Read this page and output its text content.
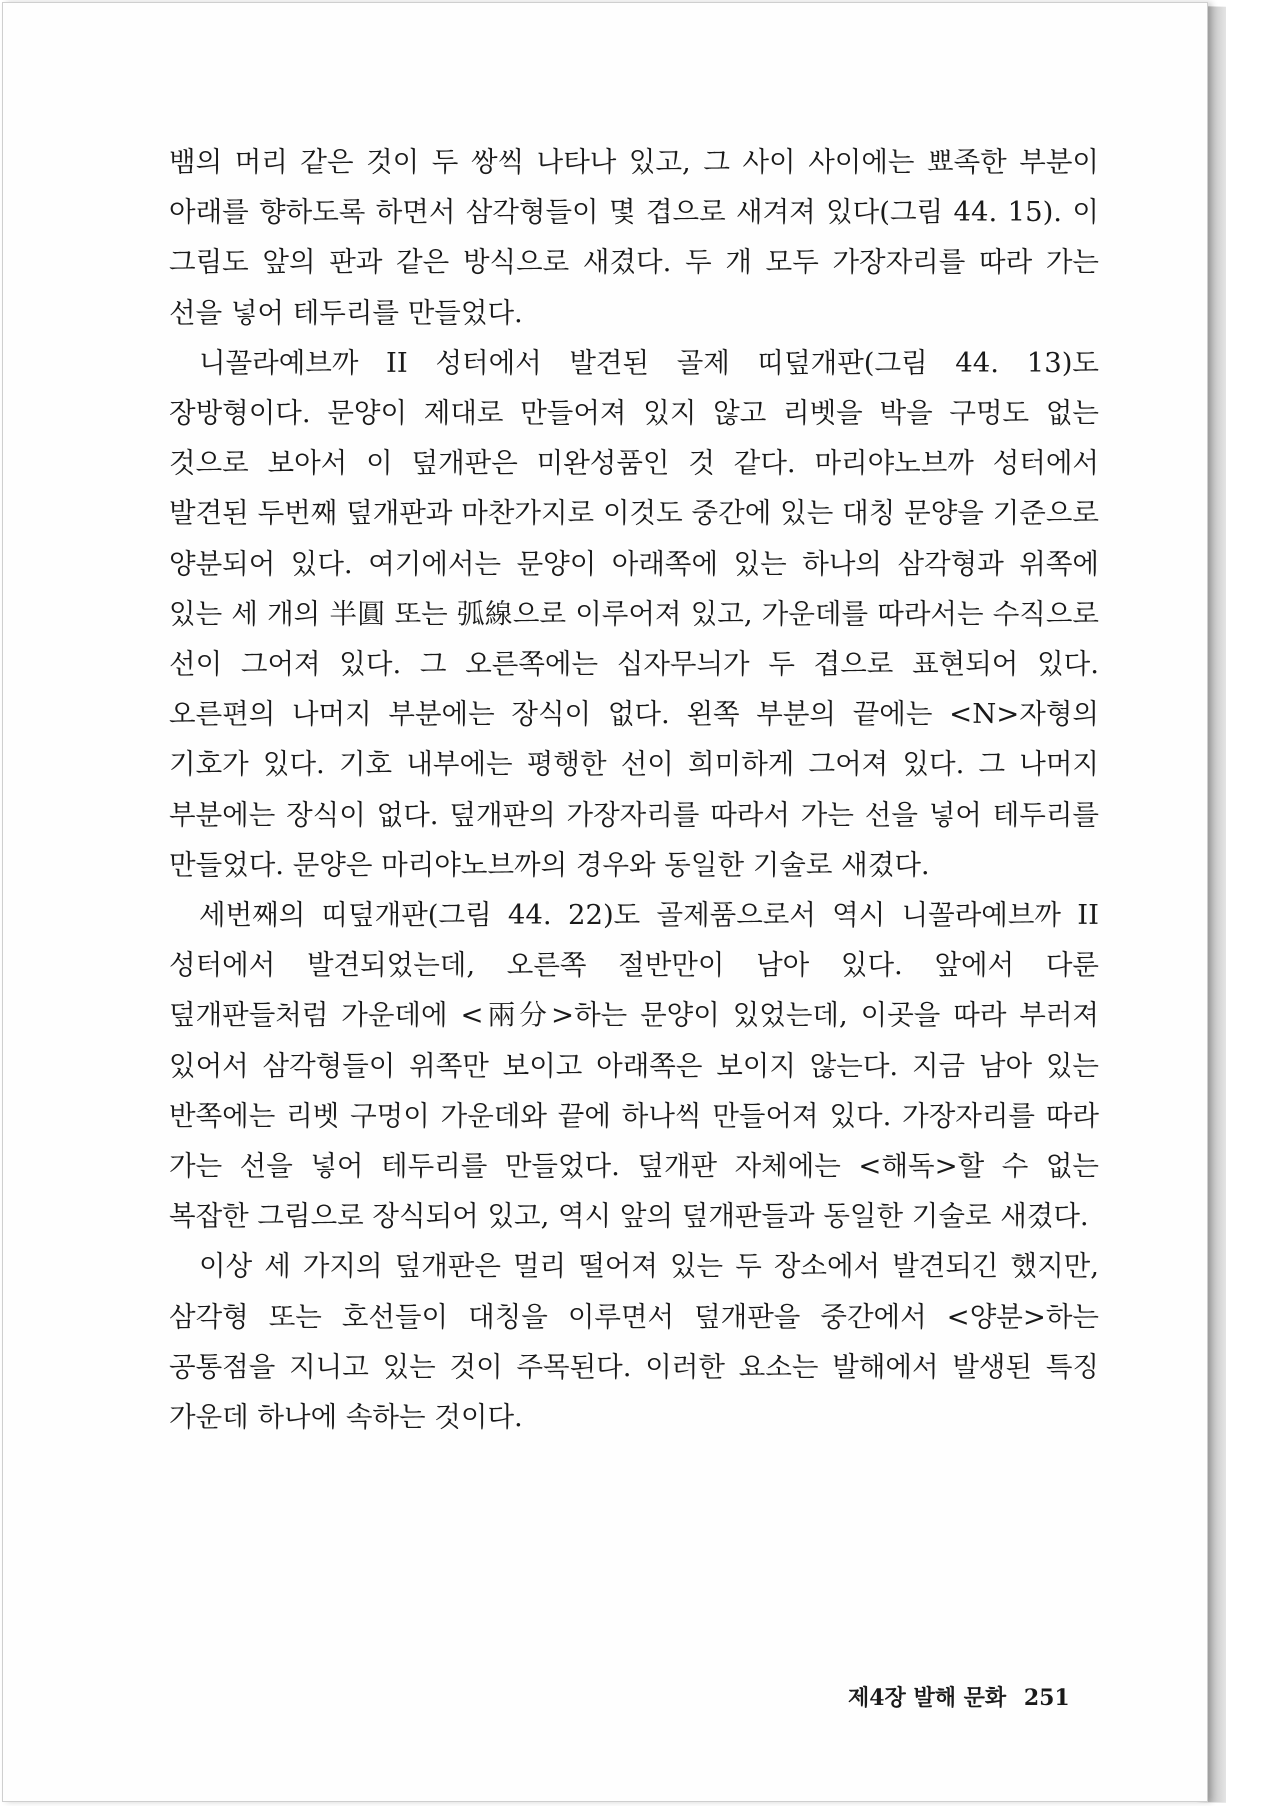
뱀의 머리 같은 것이 두 쌍씩 나타나 있고, 그 사이 사이에는 뾰족한 부분이 아래를 향하도록 하면서 삼각형들이 몇 겹으로 새겨져 있다(그림 44. 15). 이 그림도 앞의 판과 같은 방식으로 새겼다. 두 개 모두 가장자리를 따라 가는 선을 넣어 테두리를 만들었다.

니꼴라예브까 II 성터에서 발견된 골제 띠덮개판(그림 44. 13)도 장방형이다. 문양이 제대로 만들어져 있지 않고 리벳을 박을 구멍도 없는 것으로 보아서 이 덮개판은 미완성품인 것 같다. 마리야노브까 성터에서 발견된 두번째 덮개판과 마찬가지로 이것도 중간에 있는 대칭 문양을 기준으로 양분되어 있다. 여기에서는 문양이 아래쪽에 있는 하나의 삼각형과 위쪽에 있는 세 개의 半圓 또는 弧線으로 이루어져 있고, 가운데를 따라서는 수직으로 선이 그어져 있다. 그 오른쪽에는 십자무늬가 두 겹으로 표현되어 있다. 오른편의 나머지 부분에는 장식이 없다. 왼쪽 부분의 끝에는 <N>자형의 기호가 있다. 기호 내부에는 평행한 선이 희미하게 그어져 있다. 그 나머지 부분에는 장식이 없다. 덮개판의 가장자리를 따라서 가는 선을 넣어 테두리를 만들었다. 문양은 마리야노브까의 경우와 동일한 기술로 새겼다.

세번째의 띠덮개판(그림 44. 22)도 골제품으로서 역시 니꼴라예브까 II 성터에서 발견되었는데, 오른쪽 절반만이 남아 있다. 앞에서 다룬 덮개판들처럼 가운데에 <兩分>하는 문양이 있었는데, 이곳을 따라 부러져 있어서 삼각형들이 위쪽만 보이고 아래쪽은 보이지 않는다. 지금 남아 있는 반쪽에는 리벳 구멍이 가운데와 끝에 하나씩 만들어져 있다. 가장자리를 따라 가는 선을 넣어 테두리를 만들었다. 덮개판 자체에는 <해독>할 수 없는 복잡한 그림으로 장식되어 있고, 역시 앞의 덮개판들과 동일한 기술로 새겼다.

이상 세 가지의 덮개판은 멀리 떨어져 있는 두 장소에서 발견되긴 했지만, 삼각형 또는 호선들이 대칭을 이루면서 덮개판을 중간에서 <양분>하는 공통점을 지니고 있는 것이 주목된다. 이러한 요소는 발해에서 발생된 특징 가운데 하나에 속하는 것이다.

제4장 발해 문화 251
